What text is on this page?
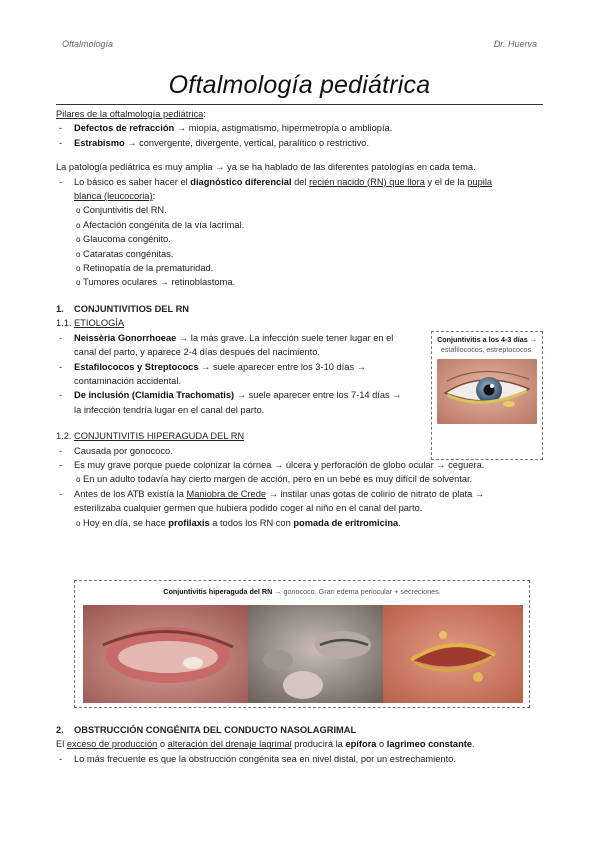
Oftalmología	Dr. Huerva
Oftalmología pediátrica

Pilares de la oftalmología pediátrica:

- Defectos de refracción → miopía, astigmatismo, hipermetropía o ambliopía.

- Estrabismo → convergente, divergente, vertical, paralítico o restrictivo.

La patología pediátrica es muy amplia → ya se ha hablado de las diferentes patologías en cada tema.

- Lo básico es saber hacer el diagnóstico diferencial del recién nacido (RN) que llora y el de la pupila

blanca (leucocoria):

o Conjuntivitis del RN.

o Afectación congénita de la vía lacrimal.

o Glaucoma congénito.

o Cataratas congénitas.

o Retinopatía de la prematuridad.

o Tumores oculares → retinoblastoma.

1. CONJUNTIVITIOS DEL RN

1.1. ETIOLOGÍA

- Neissèria Gonorrhoeae → la más grave. La infección suele tener lugar en el

canal del parto, y aparece 2-4 días después del nacimiento.

- Estafilococos y Streptococs → suele aparecer entre los 3-10 días →

contaminación accidental.

- De inclusión (Clamidia Trachomatis) → suele aparecer entre los 7-14 días →

la infección tendría lugar en el canal del parto.

1.2. CONJUNTIVITIS HIPERAGUDA DEL RN

- Causada por gonococo.

- Es muy grave porque puede colonizar la córnea → úlcera y perforación de globo ocular → ceguera.

o En un adulto todavía hay cierto margen de acción, pero en un bebé es muy difícil de solventar.

- Antes de los ATB existía la Maniobra de Crede → instilar unas gotas de colirio de nitrato de plata →

esterilizaba cualquier germen que hubiera podido coger al niño en el canal del parto.

o Hoy en día, se hace profilaxis a todos los RN con pomada de eritromicina.

Conjuntivitis a los 4-3 días → estafilococos, estreptococos.
Conjuntivitis hiperaguda del RN → gonococo. Gran edema periocular + secreciones.

2. OBSTRUCCIÓN CONGÉNITA DEL CONDUCTO NASOLAGRIMAL

El exceso de producción o alteración del drenaje lagrimal producirá la epífora o lagrimeo constante.

- Lo más frecuente es que la obstrucción congénita sea en nivel distal, por un estrechamiento.
